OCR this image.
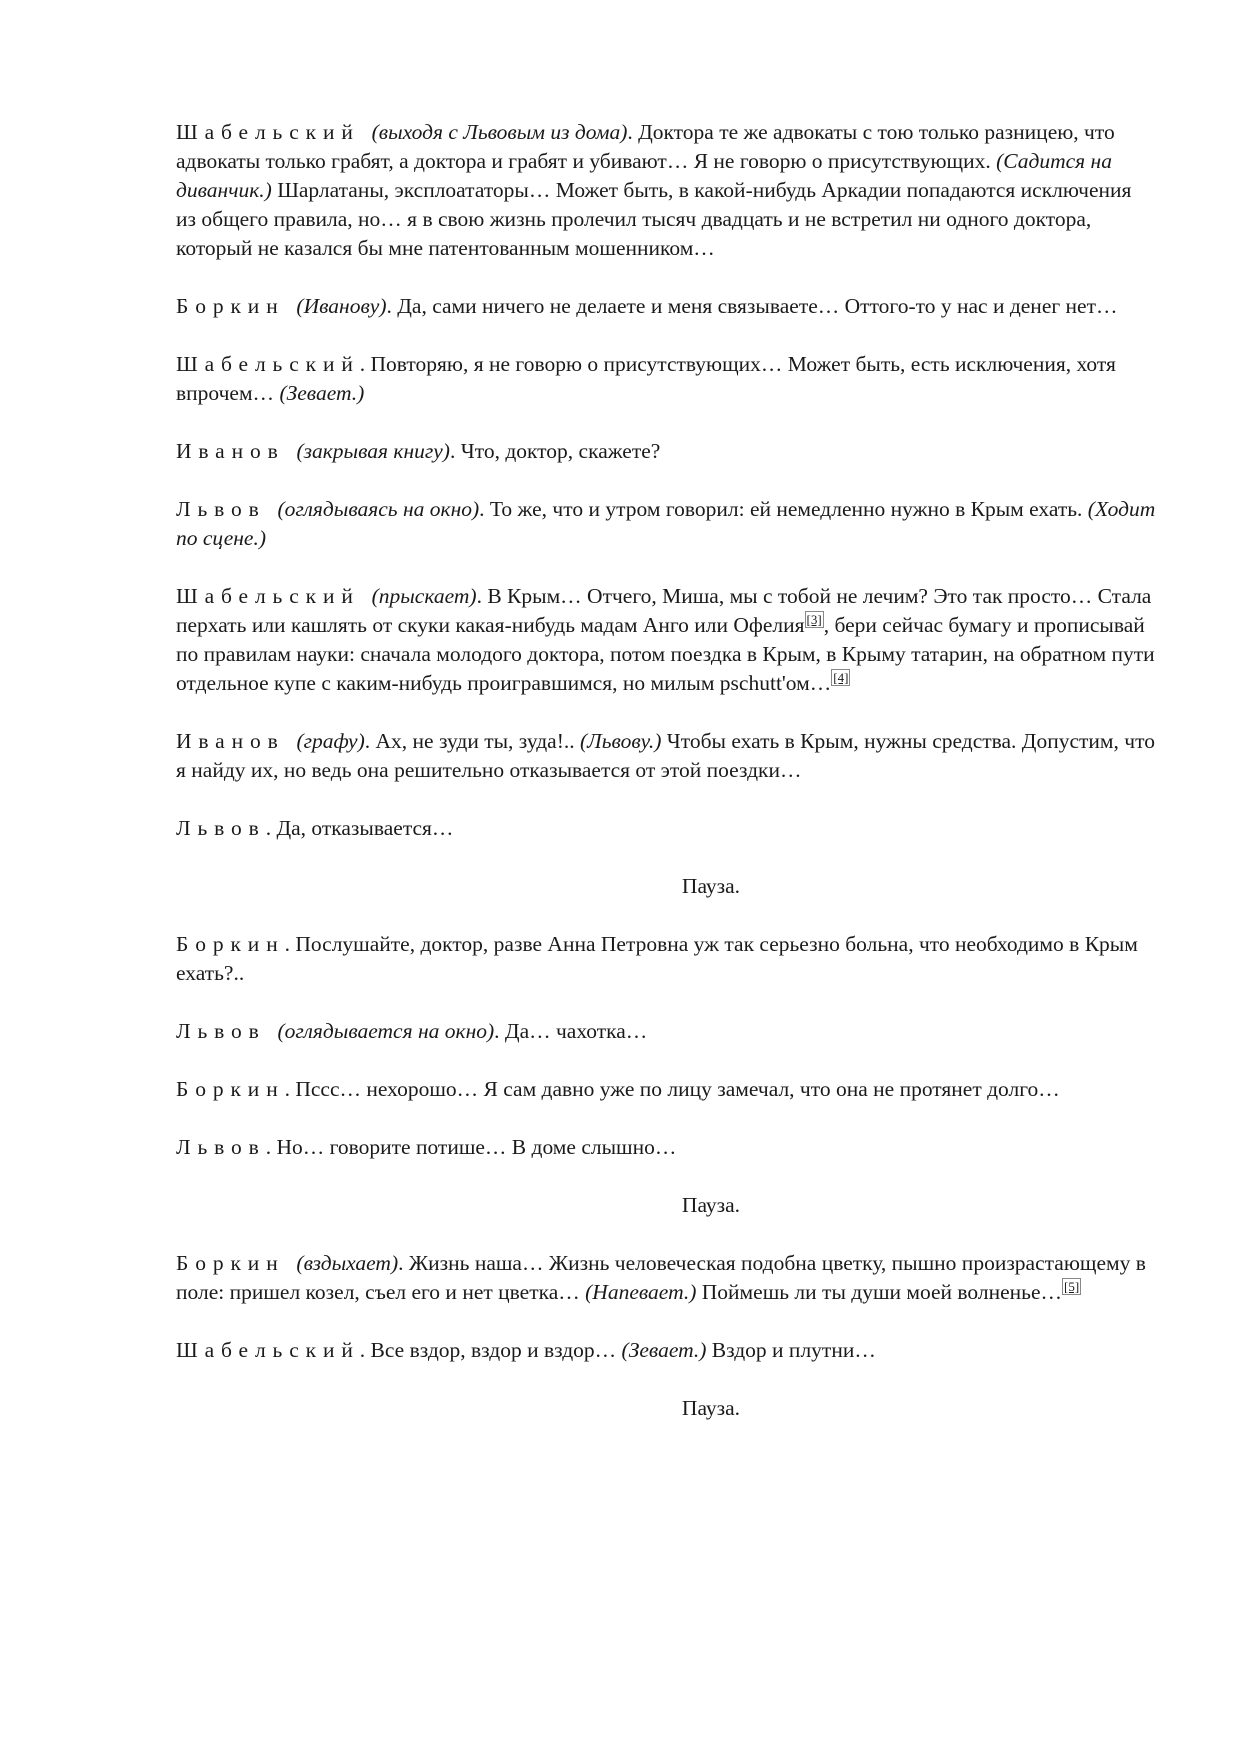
Шабельский (выходя с Львовым из дома). Доктора те же адвокаты с тою только разницею, что адвокаты только грабят, а доктора и грабят и убивают… Я не говорю о присутствующих. (Садится на диванчик.) Шарлатаны, эксплоататоры… Может быть, в какой-нибудь Аркадии попадаются исключения из общего правила, но… я в свою жизнь пролечил тысяч двадцать и не встретил ни одного доктора, который не казался бы мне патентованным мошенником…

Боркин (Иванову). Да, сами ничего не делаете и меня связываете… Оттого-то у нас и денег нет…

Шабельский. Повторяю, я не говорю о присутствующих… Может быть, есть исключения, хотя впрочем… (Зевает.)

Иванов (закрывая книгу). Что, доктор, скажете?

Львов (оглядываясь на окно). То же, что и утром говорил: ей немедленно нужно в Крым ехать. (Ходит по сцене.)

Шабельский (прыскает). В Крым… Отчего, Миша, мы с тобой не лечим? Это так просто… Стала перхать или кашлять от скуки какая-нибудь мадам Анго или Офелия [3], бери сейчас бумагу и прописывай по правилам науки: сначала молодого доктора, потом поездка в Крым, в Крыму татарин, на обратном пути отдельное купе с каким-нибудь проигравшимся, но милым pschutt'ом… [4]

Иванов (графу). Ах, не зуди ты, зуда!.. (Львову.) Чтобы ехать в Крым, нужны средства. Допустим, что я найду их, но ведь она решительно отказывается от этой поездки…

Львов. Да, отказывается…

Пауза.

Боркин. Послушайте, доктор, разве Анна Петровна уж так серьезно больна, что необходимо в Крым ехать?..

Львов (оглядывается на окно). Да… чахотка…

Боркин. Пссс… нехорошо… Я сам давно уже по лицу замечал, что она не протянет долго…

Львов. Но… говорите потише… В доме слышно…

Пауза.

Боркин (вздыхает). Жизнь наша… Жизнь человеческая подобна цветку, пышно произрастающему в поле: пришел козел, съел его и нет цветка… (Напевает.) Поймешь ли ты души моей волненье… [5]

Шабельский. Все вздор, вздор и вздор… (Зевает.) Вздор и плутни…

Пауза.
